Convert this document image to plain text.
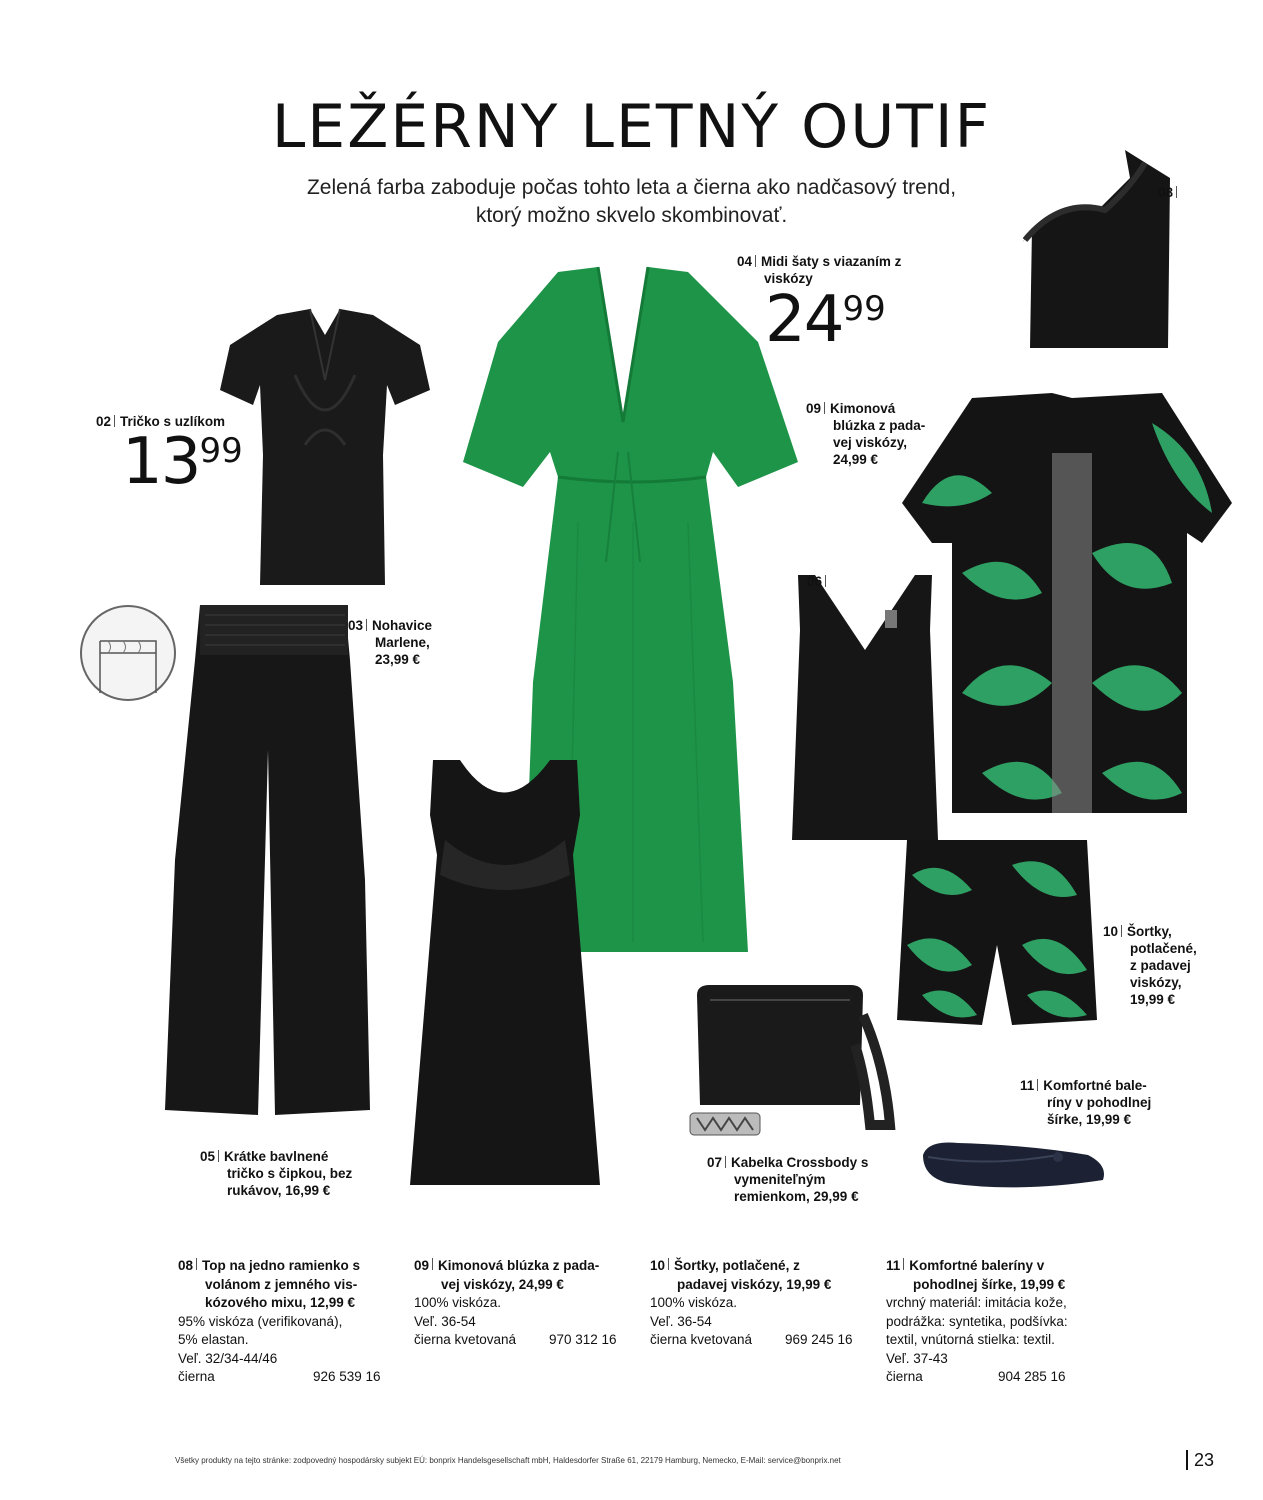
LEŽÉRNY LETNÝ OUTIF
Zelená farba zaboduje počas tohto leta a čierna ako nadčasový trend,
ktorý možno skvelo skombinovať.
02 Tričko s uzlíkom
1399
03 Nohavice
Marlene,
23,99 €
04 Midi šaty s viazaním z
viskózy
2499
05 Krátke bavlnené
tričko s čipkou, bez
rukávov, 16,99 €
06
07 Kabelka Crossbody s
vymeniteľným
remienkom, 29,99 €
08
09 Kimonová
blúzka z pada-
vej viskózy,
24,99 €
10 Šortky,
potlačené,
z padavej
viskózy,
19,99 €
11 Komfortné bale-
ríny v pohodlnej
šírke, 19,99 €
08 Top na jedno ramienko s
volánom z jemného vis-
kózového mixu, 12,99 €
95% viskóza (verifikovaná),
5% elastan.
Veľ. 32/34-44/46
čierna	926 539 16
09 Kimonová blúzka z pada-
vej viskózy, 24,99 €
100% viskóza.
Veľ. 36-54
čierna kvetovaná	970 312 16
10 Šortky, potlačené, z
padavej viskózy, 19,99 €
100% viskóza.
Veľ. 36-54
čierna kvetovaná	969 245 16
11 Komfortné baleríny v
pohodlnej šírke, 19,99 €
vrchný materiál: imitácia kože,
podrážka: syntetika, podšívka:
textil, vnútorná stielka: textil.
Veľ. 37-43
čierna	904 285 16
Všetky produkty na tejto stránke: zodpovedný hospodársky subjekt EÚ: bonprix Handelsgesellschaft mbH, Haldesdorfer Straße 61, 22179 Hamburg, Nemecko, E-Mail: service@bonprix.net	23
